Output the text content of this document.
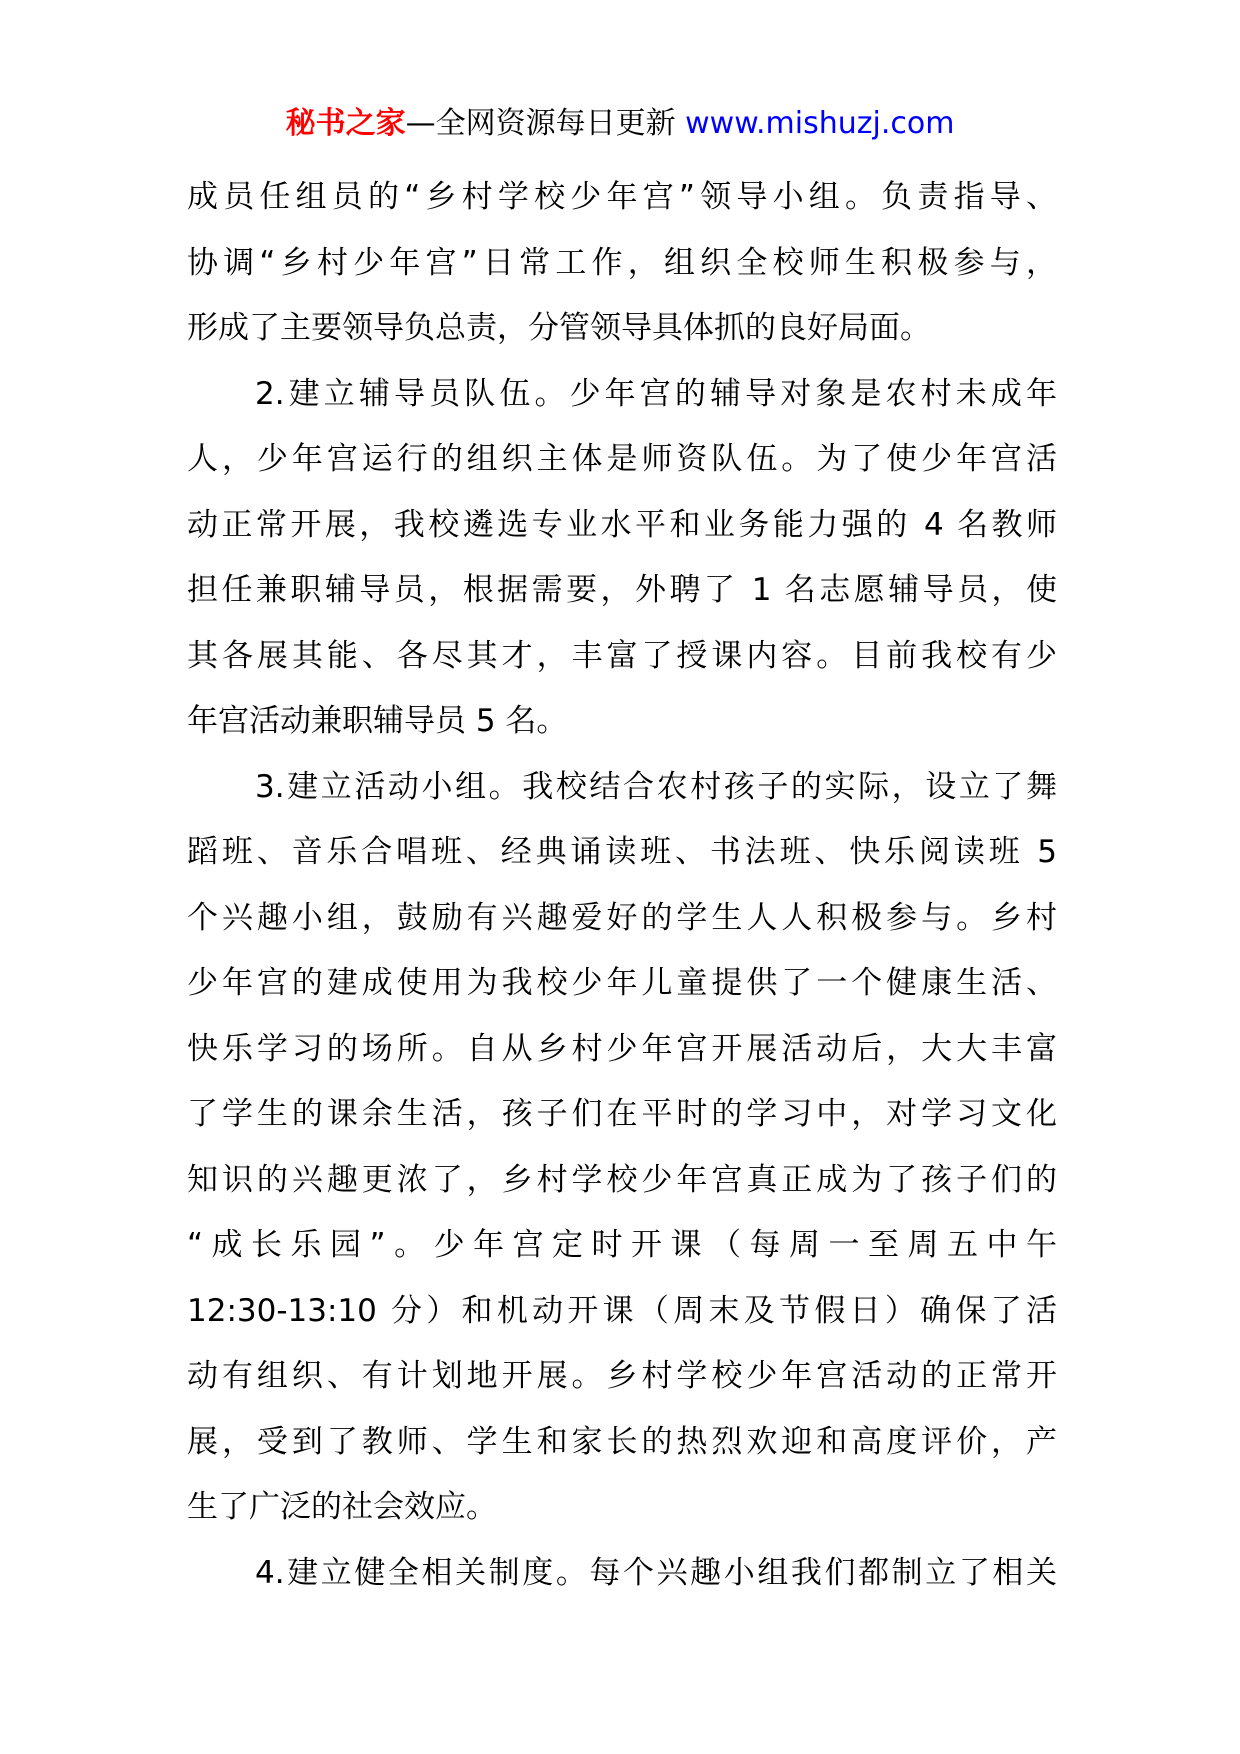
秘书之家—全网资源每日更新 www.mishuzj.com
成员任组员的“乡村学校少年宫”领导小组。负责指导、
协调“乡村少年宫”日常工作，组织全校师生积极参与，
形成了主要领导负总责，分管领导具体抓的良好局面。
2.建立辅导员队伍。少年宫的辅导对象是农村未成年
人，少年宫运行的组织主体是师资队伍。为了使少年宫活
动正常开展，我校遴选专业水平和业务能力强的 4 名教师
担任兼职辅导员，根据需要，外聘了 1 名志愿辅导员，使
其各展其能、各尽其才，丰富了授课内容。目前我校有少
年宫活动兼职辅导员 5 名。
3.建立活动小组。我校结合农村孩子的实际，设立了舞
蹈班、音乐合唱班、经典诵读班、书法班、快乐阅读班 5
个兴趣小组，鼓励有兴趣爱好的学生人人积极参与。乡村
少年宫的建成使用为我校少年儿童提供了一个健康生活、
快乐学习的场所。自从乡村少年宫开展活动后，大大丰富
了学生的课余生活，孩子们在平时的学习中，对学习文化
知识的兴趣更浓了，乡村学校少年宫真正成为了孩子们的
“成长乐园”。少年宫定时开课（每周一至周五中午
12:30-13:10 分）和机动开课（周末及节假日）确保了活
动有组织、有计划地开展。乡村学校少年宫活动的正常开
展，受到了教师、学生和家长的热烈欢迎和高度评价，产
生了广泛的社会效应。
4.建立健全相关制度。每个兴趣小组我们都制立了相关
